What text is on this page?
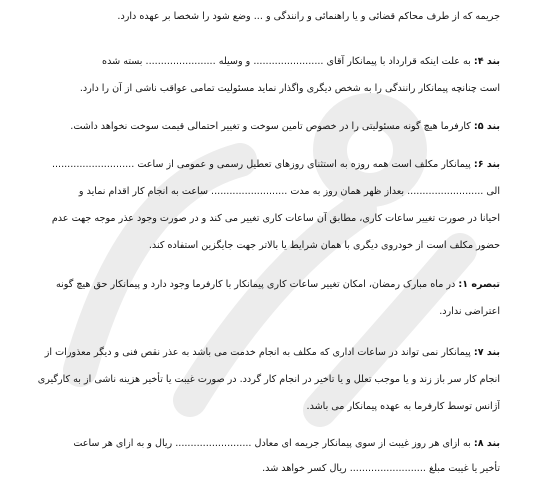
جریمه که از طرف محاکم قضائی و یا راهنمائی و رانندگی و ... وضع شود را شخصا بر عهده دارد.
بند ۴: به علت اینکه قرارداد با پیمانکار آقای ....................... و وسیله ....................... بسته شده
است چنانچه پیمانکار رانندگی را به شخص دیگری واگذار نماید مسئولیت تمامی عواقب ناشی از آن را دارد.
بند ۵: کارفرما هیچ گونه مسئولیتی را در خصوص تامین سوخت و تغییر احتمالی قیمت سوخت نخواهد داشت.
بند ۶: پیمانکار مکلف است همه روزه به استثنای روزهای تعطیل رسمی و عمومی از ساعت ...........................
الی ......................... بعداز ظهر همان روز به مدت ......................... ساعت به انجام کار اقدام نماید و
احیانا در صورت تغییر ساعات کاری، مطابق آن ساعات کاری تغییر می کند و در صورت وجود عذر موجه جهت عدم
حضور مکلف است از خودروی دیگری با همان شرایط یا بالاتر جهت جایگزین استفاده کند.
تبصره ۱: در ماه مبارک رمضان، امکان تغییر ساعات کاری پیمانکار با کارفرما وجود دارد و پیمانکار حق هیچ گونه
اعتراضی ندارد.
بند ۷: پیمانکار نمی تواند در ساعات اداری که مکلف به انجام خدمت می باشد به عذر نقص فنی و دیگر معذورات از
انجام کار سر باز زند و یا موجب تعلل و یا تاخیر در انجام کار گردد. در صورت غیبت یا تأخیر هزینه ناشی از به کارگیری
آژانس توسط کارفرما به عهده پیمانکار می باشد.
بند ۸: به ازای هر روز غیبت از سوی پیمانکار جریمه ای معادل ......................... ریال و به ازای هر ساعت
تأخیر یا غیبت مبلغ ......................... ریال کسر خواهد شد.
